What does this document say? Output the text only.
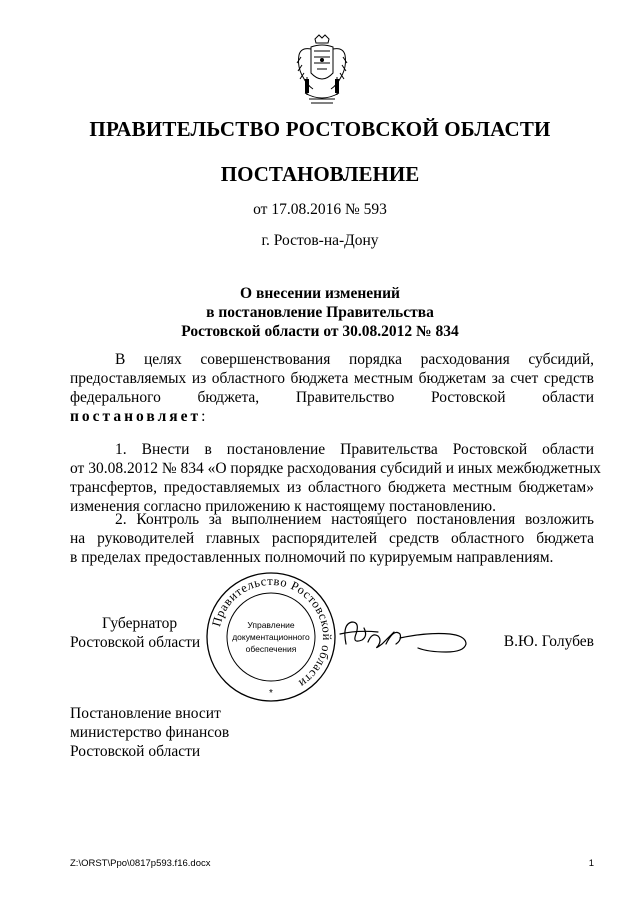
ПРАВИТЕЛЬСТВО РОСТОВСКОЙ ОБЛАСТИ
ПОСТАНОВЛЕНИЕ
от 17.08.2016 № 593
г. Ростов-на-Дону
О внесении изменений
в постановление Правительства
Ростовской области от 30.08.2012 № 834
В целях совершенствования порядка расходования субсидий,
предоставляемых из областного бюджета местным бюджетам за счет средств
федерального бюджета, Правительство Ростовской области
постановляет:
1. Внести в постановление Правительства Ростовской области
от 30.08.2012 № 834 «О порядке расходования субсидий и иных межбюджетных
трансфертов, предоставляемых из областного бюджета местным бюджетам»
изменения согласно приложению к настоящему постановлению.
2. Контроль за выполнением настоящего постановления возложить
на руководителей главных распорядителей средств областного бюджета
в пределах предоставленных полномочий по курируемым направлениям.
Губернатор
Ростовской области
Правительство Ростовской области
Управление
документационного
обеспечения
*
В.Ю. Голубев
Постановление вносит
министерство финансов
Ростовской области
Z:\ORST\Ppo\0817p593.f16.docx	1
